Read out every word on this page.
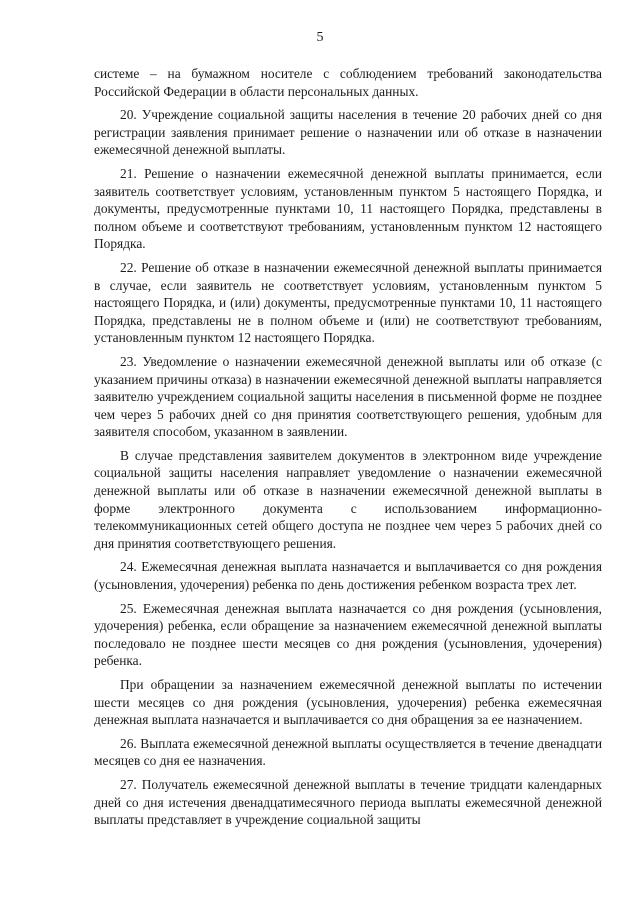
5

системе – на бумажном носителе с соблюдением требований законодательства Российской Федерации в области персональных данных.

20. Учреждение социальной защиты населения в течение 20 рабочих дней со дня регистрации заявления принимает решение о назначении или об отказе в назначении ежемесячной денежной выплаты.

21. Решение о назначении ежемесячной денежной выплаты принимается, если заявитель соответствует условиям, установленным пунктом 5 настоящего Порядка, и документы, предусмотренные пунктами 10, 11 настоящего Порядка, представлены в полном объеме и соответствуют требованиям, установленным пунктом 12 настоящего Порядка.

22. Решение об отказе в назначении ежемесячной денежной выплаты принимается в случае, если заявитель не соответствует условиям, установленным пунктом 5 настоящего Порядка, и (или) документы, предусмотренные пунктами 10, 11 настоящего Порядка, представлены не в полном объеме и (или) не соответствуют требованиям, установленным пунктом 12 настоящего Порядка.

23. Уведомление о назначении ежемесячной денежной выплаты или об отказе (с указанием причины отказа) в назначении ежемесячной денежной выплаты направляется заявителю учреждением социальной защиты населения в письменной форме не позднее чем через 5 рабочих дней со дня принятия соответствующего решения, удобным для заявителя способом, указанном в заявлении.

В случае представления заявителем документов в электронном виде учреждение социальной защиты населения направляет уведомление о назначении ежемесячной денежной выплаты или об отказе в назначении ежемесячной денежной выплаты в форме электронного документа с использованием информационно-телекоммуникационных сетей общего доступа не позднее чем через 5 рабочих дней со дня принятия соответствующего решения.

24. Ежемесячная денежная выплата назначается и выплачивается со дня рождения (усыновления, удочерения) ребенка по день достижения ребенком возраста трех лет.

25. Ежемесячная денежная выплата назначается со дня рождения (усыновления, удочерения) ребенка, если обращение за назначением ежемесячной денежной выплаты последовало не позднее шести месяцев со дня рождения (усыновления, удочерения) ребенка.

При обращении за назначением ежемесячной денежной выплаты по истечении шести месяцев со дня рождения (усыновления, удочерения) ребенка ежемесячная денежная выплата назначается и выплачивается со дня обращения за ее назначением.

26. Выплата ежемесячной денежной выплаты осуществляется в течение двенадцати месяцев со дня ее назначения.

27. Получатель ежемесячной денежной выплаты в течение тридцати календарных дней со дня истечения двенадцатимесячного периода выплаты ежемесячной денежной выплаты представляет в учреждение социальной защиты
